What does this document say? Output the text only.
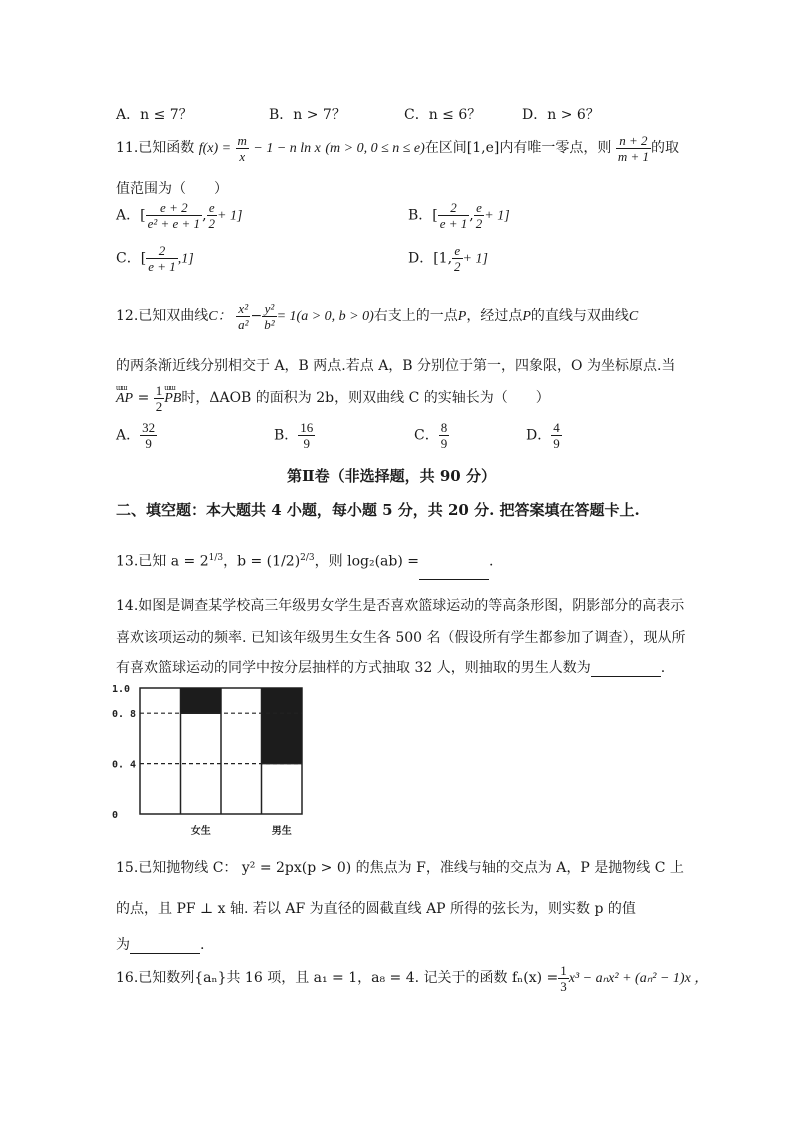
A．n ≤ 7？	B．n > 7？	C．n ≤ 6？	D．n > 6？
11.已知函数 $f(x) = \frac{m}{x} - 1 - n$ ln x (m > 0, 0 ≤ n ≤ e)在区间[1,e]内有唯一零点，则 $\frac{n + 2}{m + 1}$ 的取
值范围为（　　）
A．[ $\frac{e + 2}{\text{e² + e + 1}}$ , $\frac{e}{2} + 1$]	B．[ $\frac{2}{e + 1}$ , $\frac{e}{2} + 1$]
C．[ $\frac{2}{e + 1} ,1$]	D．[1, $\frac{e}{2} + 1$]
12.已知双曲线C： $\frac{\text{x²}}{\text{a²}} - \frac{\text{y²}}{\text{b²}} = 1(a > 0$, b > 0)右支上的一点P，经过点P的直线与双曲线C
的两条渐近线分别相交于 A，B 两点.若点 A，B 分别位于第一，四象限，O 为坐标原点.当
ɯɯ AP = $\frac{1}{2}$
ɯɯ PB时，ΔAOB 的面积为 2b，则双曲线 C 的实轴长为（　　）
A． $\frac{32}{9}$	B． $\frac{16}{9}$	C． $\frac{8}{9}$	D． $\frac{4}{9}$
第Ⅱ卷（非选择题，共 90 分）
二、填空题：本大题共 4 小题，每小题 5 分，共 20 分. 把答案填在答题卡上.
13.已知 $a = 2^{1/3}$，$b = (1/2)^{2/3}$，则 log₂(ab) =	.
14.如图是调查某学校高三年级男女学生是否喜欢篮球运动的等高条形图，阴影部分的高表示
喜欢该项运动的频率. 已知该年级男生女生各 500 名（假设所有学生都参加了调查），现从所
有喜欢篮球运动的同学中按分层抽样的方式抽取 32 人，则抽取的男生人数为	.
女生	男生
1.0
0. 8
0. 4
0
15.已知抛物线 C： y² = 2px(p > 0) 的焦点为 F，准线与轴的交点为 A，P 是抛物线 C 上
的点，且 PF ⊥ x 轴. 若以 AF 为直径的圆截直线 AP 所得的弦长为，则实数 p 的值
为	.
16.已知数列{aₙ}共 16 项，且 a₁ = 1，a₈ = 4. 记关于的函数 $f_n(x) = \frac{1}{3} x^3 - a_nx^2 + (a_n^2 - 1)x$ ，
